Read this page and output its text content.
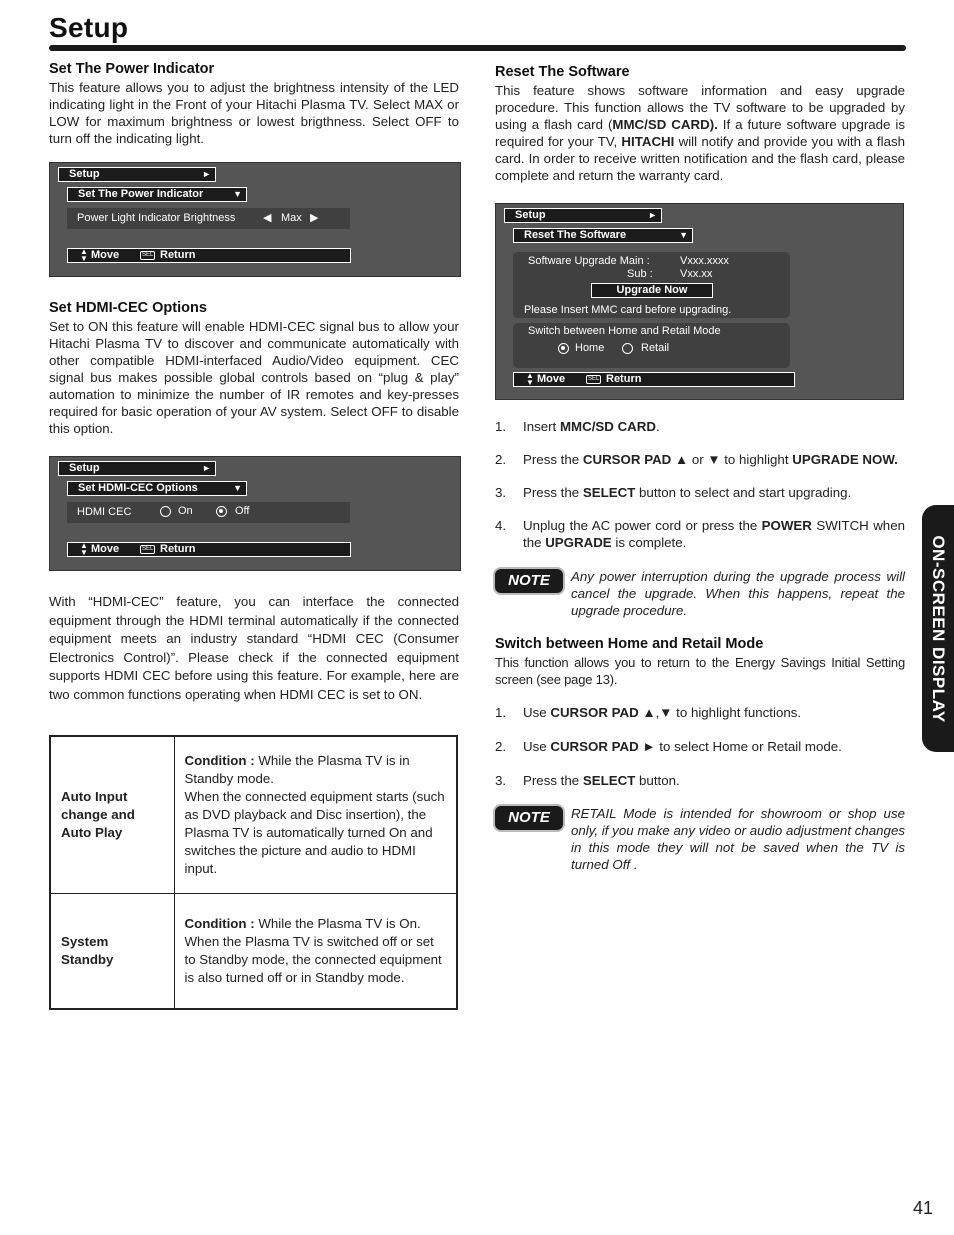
Setup
Set The Power Indicator

This feature allows you to adjust the brightness intensity of the LED indicating light in the Front of your Hitachi Plasma TV. Select MAX or LOW for maximum brightness or lowest brigthness. Select OFF to turn off the indicating light.

Setup	►
Set The Power Indicator	▼
Power Light Indicator Brightness	◀ Max ▶
▲
▼ Move	SEL Return
Set HDMI-CEC Options

Set to ON this feature will enable HDMI-CEC signal bus to allow your Hitachi Plasma TV to discover and communicate automatically with other compatible HDMI-interfaced Audio/Video equipment. CEC signal bus makes possible global controls based on “plug & play” automation to minimize the number of IR remotes and key-presses required for basic operation of your AV system. Select OFF to disable this option.

Setup	►
Set HDMI-CEC Options	▼
HDMI CEC	On	Off
▲
▼ Move	SEL Return

With “HDMI-CEC” feature, you can interface the connected equipment through the HDMI terminal automatically if the connected equipment meets an industry standard “HDMI CEC (Consumer Electronics Control)”. Please check if the connected equipment supports HDMI CEC before using this feature. For example, here are two common functions operating when HDMI CEC is set to ON.

Auto Input change and Auto Play	Condition : While the Plasma TV is in Standby mode.
When the connected equipment starts (such as DVD playback and Disc insertion), the Plasma TV is automatically turned On and switches the picture and audio to HDMI input.
System Standby	Condition : While the Plasma TV is On.
When the Plasma TV is switched off or set to Standby mode, the connected equipment is also turned off or in Standby mode.
Reset The Software

This feature shows software information and easy upgrade procedure. This function allows the TV software to be upgraded by using a flash card (MMC/SD CARD). If a future software upgrade is required for your TV, HITACHI will notify and provide you with a flash card. In order to receive written notification and the flash card, please complete and return the warranty card.

Setup	►
Reset The Software	▼
Software Upgrade Main :	Vxxx.xxxx
Sub : Vxx.xx
Upgrade Now
Please Insert MMC card before upgrading.
Switch between Home and Retail Mode
Home	Retail
▲
▼ Move	SEL Return
1. Insert MMC/SD CARD.
2. Press the CURSOR PAD ▲ or ▼ to highlight UPGRADE NOW.
3. Press the SELECT button to select and start upgrading.
4. Unplug the AC power cord or press the POWER SWITCH when the UPGRADE is complete.
NOTE	Any power interruption during the upgrade process will cancel the upgrade. When this happens, repeat the upgrade procedure.

Switch between Home and Retail Mode

This function allows you to return to the Energy Savings Initial Setting screen (see page 13).

1. Use CURSOR PAD ▲,▼ to highlight functions.
2. Use CURSOR PAD ► to select Home or Retail mode.
3. Press the SELECT button.
NOTE	RETAIL Mode is intended for showroom or shop use only, if you make any video or audio adjustment changes in this mode they will not be saved when the TV is turned Off .

ON-SCREEN DISPLAY
41
